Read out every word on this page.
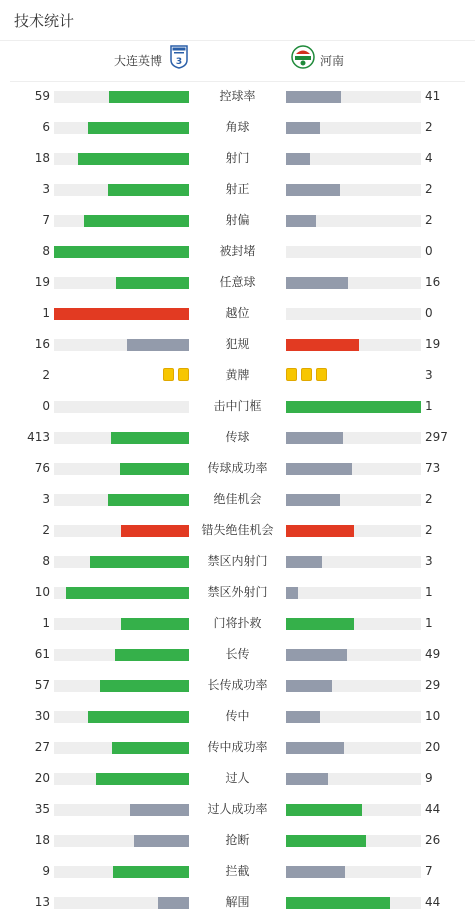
技术统计
大连英博 3	河南
59	控球率	41
6	角球	2
18	射门	4
3	射正	2
7	射偏	2
8	被封堵	0
19	任意球	16
1	越位	0
16	犯规	19
2	黄牌	3
0	击中门框	1
413	传球	297
76	传球成功率	73
3	绝佳机会	2
2	错失绝佳机会	2
8	禁区内射门	3
10	禁区外射门	1
1	门将扑救	1
61	长传	49
57	长传成功率	29
30	传中	10
27	传中成功率	20
20	过人	9
35	过人成功率	44
18	抢断	26
9	拦截	7
13	解围	44
